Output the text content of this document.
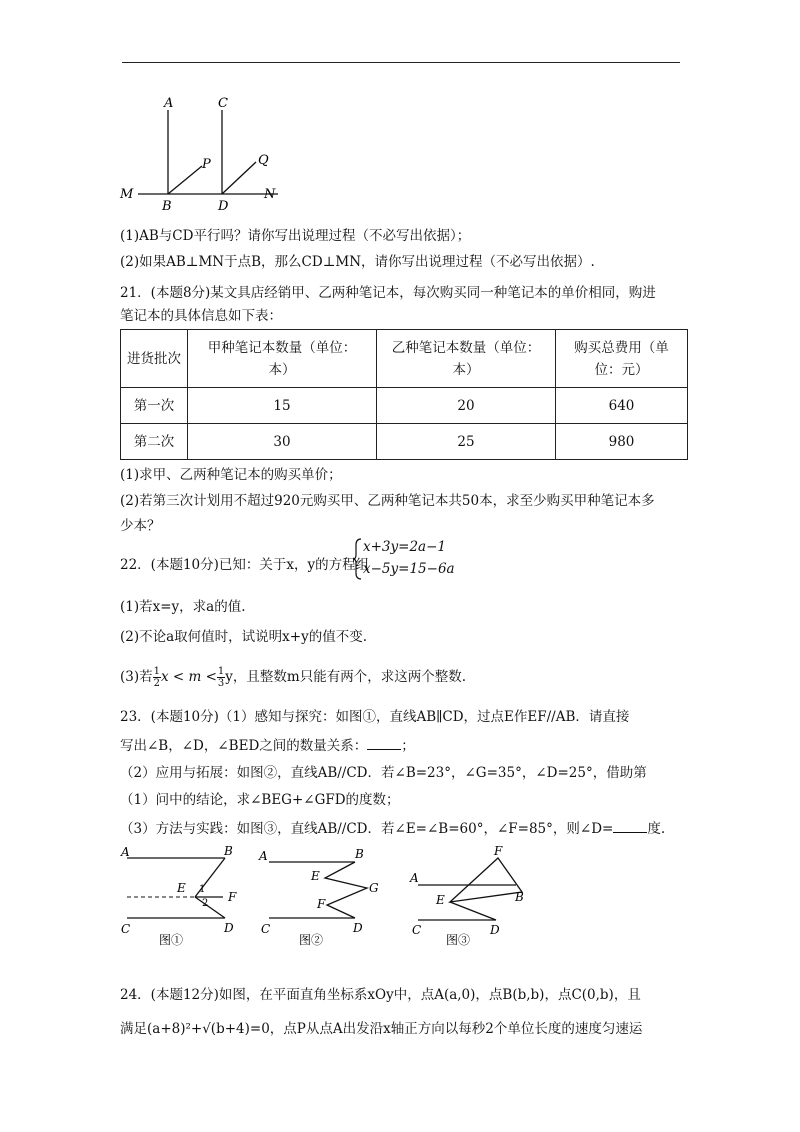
A	C
P	Q
M
B	D
N
(1)AB与CD平行吗？请你写出说理过程（不必写出依据）；
(2)如果AB⊥MN于点B，那么CD⊥MN，请你写出说理过程（不必写出依据）.
21．(本题8分)某文具店经销甲、乙两种笔记本，每次购买同一种笔记本的单价相同，购进
笔记本的具体信息如下表：
进货批次	甲种笔记本数量（单位：本）	乙种笔记本数量（单位：本）	购买总费用（单位：元）
第一次	15	20	640
第二次	30	25	980
(1)求甲、乙两种笔记本的购买单价；
(2)若第三次计划用不超过920元购买甲、乙两种笔记本共50本，求至少购买甲种笔记本多
少本？
22．(本题10分)已知：关于x，y的方程组
x+3y=2a−1
x−5y=15−6a
(1)若x=y，求a的值.
(2)不论a取何值时，试说明x+y的值不变.
(3)若 $\frac{1}{2}$ $x < m < \frac{1}{3}$ y，且整数m只能有两个，求这两个整数.
23．(本题10分)（1）感知与探究：如图①，直线AB∥CD，过点E作EF//AB．请直接
写出∠B，∠D，∠BED之间的数量关系：	；
（2）应用与拓展：如图②，直线AB//CD．若∠B=23°，∠G=35°，∠D=25°，借助第
（1）问中的结论，求∠BEG+∠GFD的度数；
（3）方法与实践：如图③，直线AB//CD．若∠E=∠B=60°，∠F=85°，则∠D=	度.
A	B
E 1
2 F
C	D
图①
A	B
E
G
F
C	D
图②
A
F
B
E
C	D
图③
24．(本题12分)如图，在平面直角坐标系xOy中，点A(a,0)，点B(b,b)，点C(0,b)，且
满足(a+8)²+√(b+4)=0，点P从点A出发沿x轴正方向以每秒2个单位长度的速度匀速运
